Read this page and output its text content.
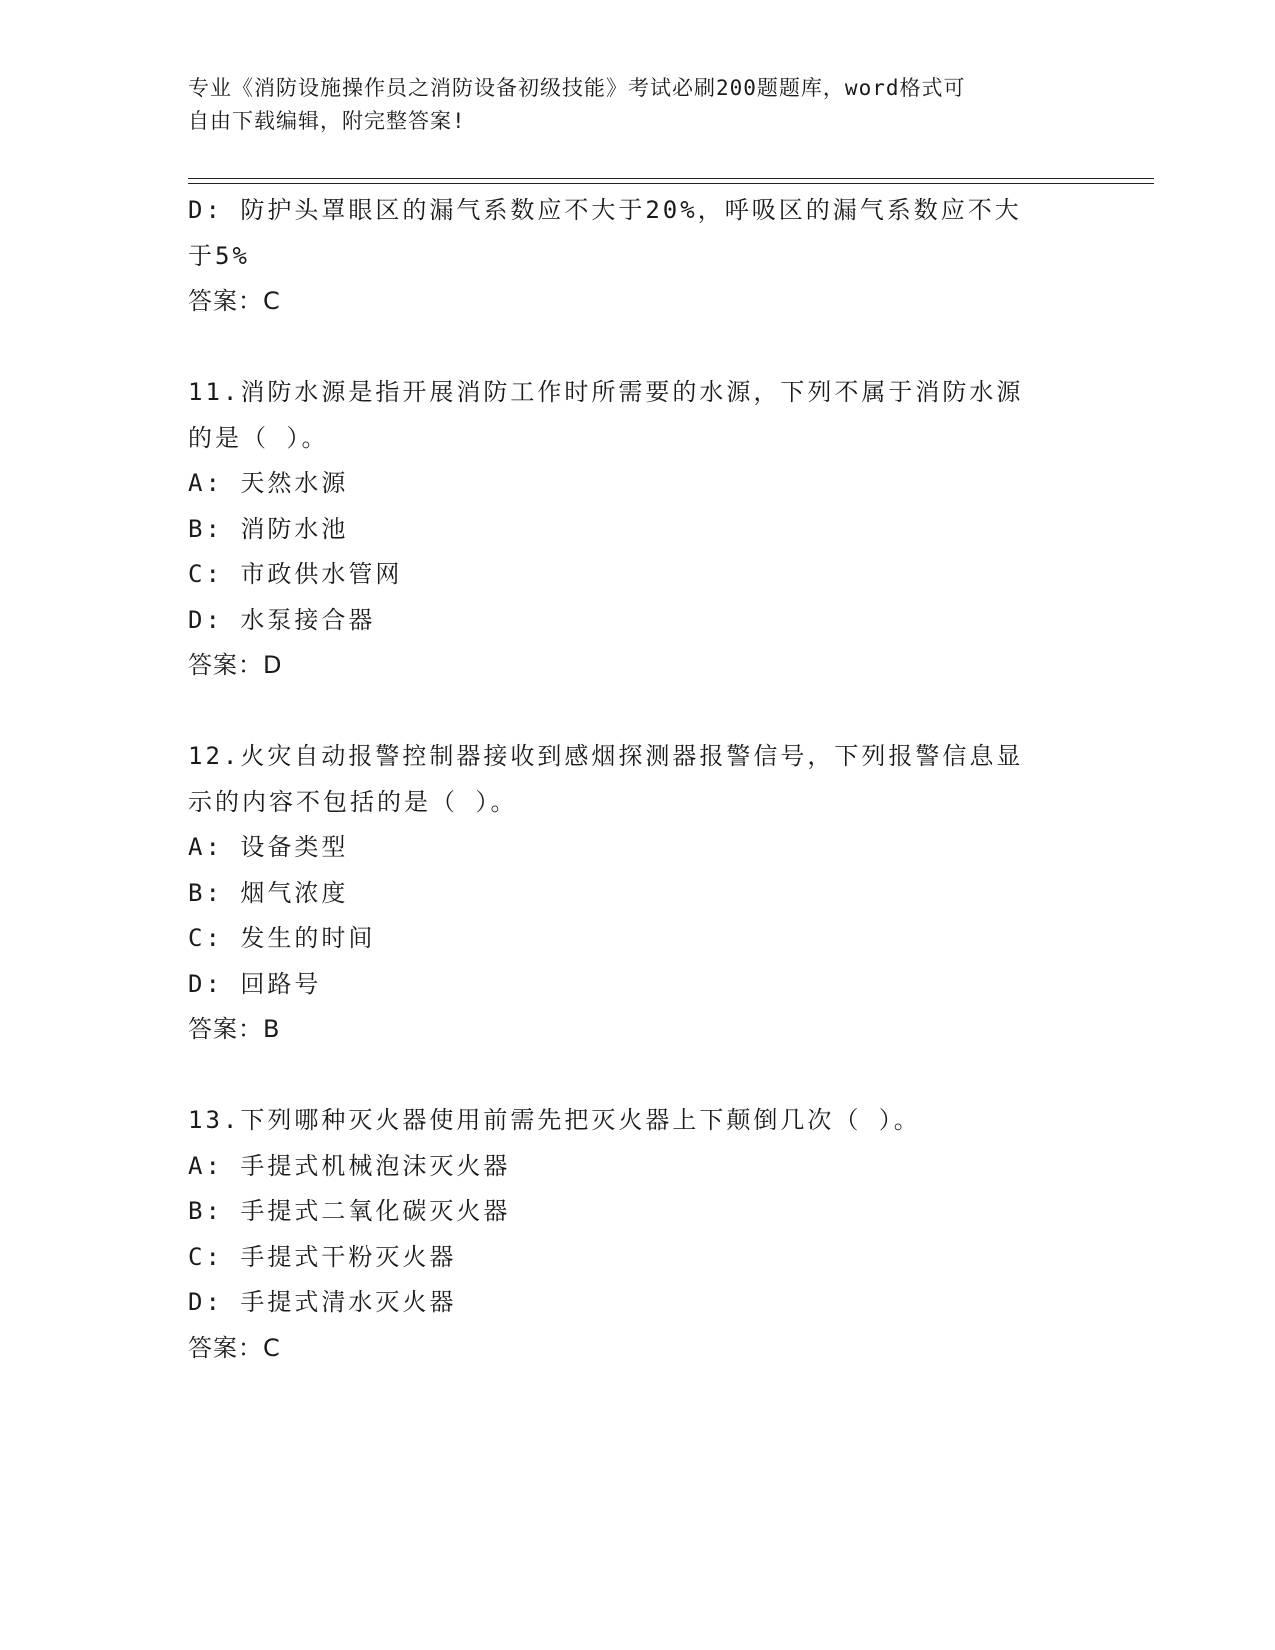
专业《消防设施操作员之消防设备初级技能》考试必刷200题题库，word格式可
自由下载编辑，附完整答案!
D: 防护头罩眼区的漏气系数应不大于20%，呼吸区的漏气系数应不大
于5%
答案：C
11.消防水源是指开展消防工作时所需要的水源，下列不属于消防水源
的是（ ）。
A: 天然水源
B: 消防水池
C: 市政供水管网
D: 水泵接合器
答案：D
12.火灾自动报警控制器接收到感烟探测器报警信号，下列报警信息显
示的内容不包括的是（ ）。
A: 设备类型
B: 烟气浓度
C: 发生的时间
D: 回路号
答案：B
13.下列哪种灭火器使用前需先把灭火器上下颠倒几次（ ）。
A: 手提式机械泡沫灭火器
B: 手提式二氧化碳灭火器
C: 手提式干粉灭火器
D: 手提式清水灭火器
答案：C
